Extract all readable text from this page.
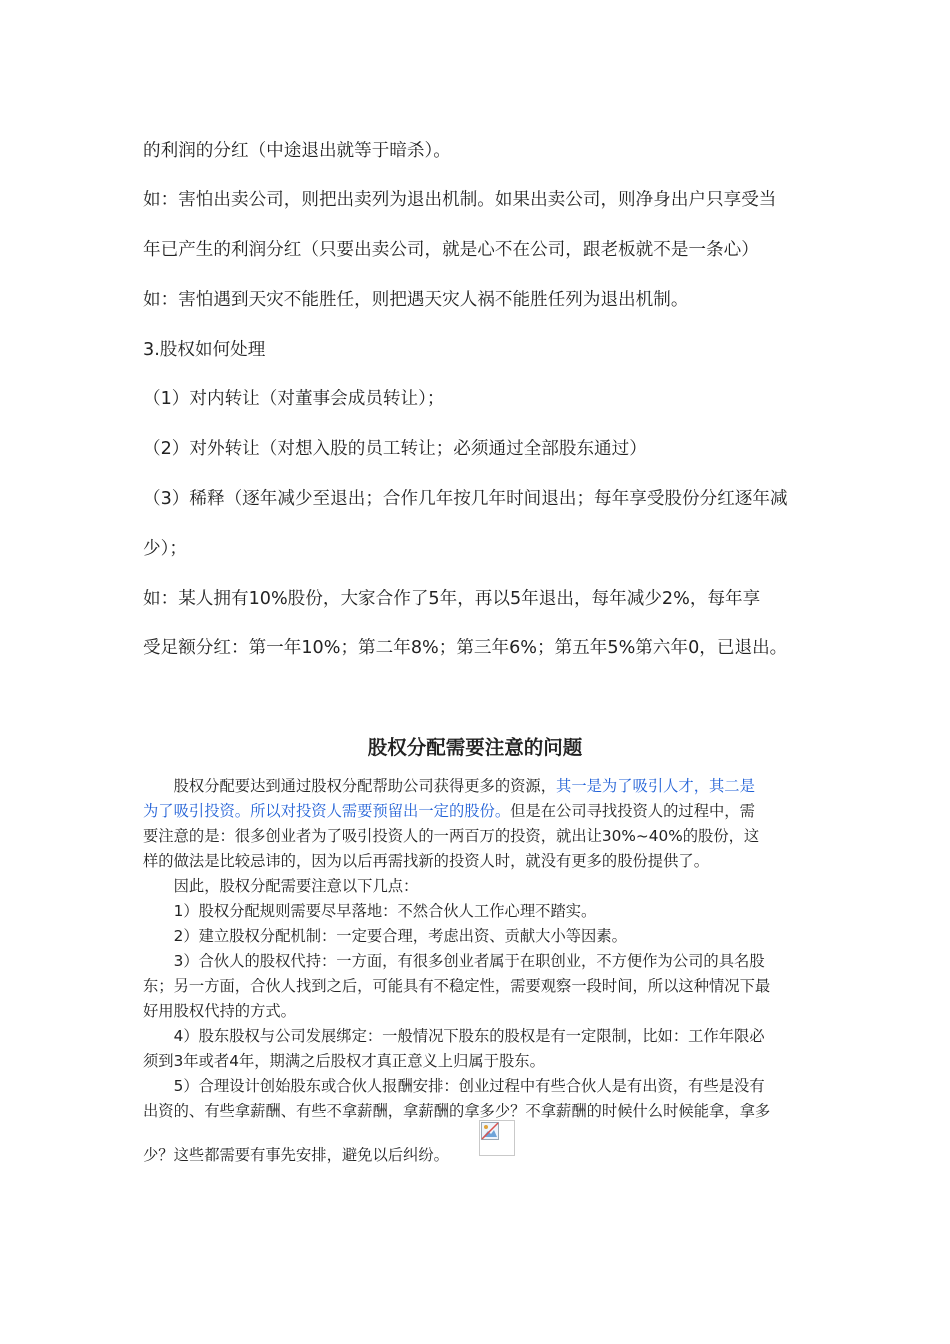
的利润的分红（中途退出就等于暗杀）。

如：害怕出卖公司，则把出卖列为退出机制。如果出卖公司，则净身出户只享受当

年已产生的利润分红（只要出卖公司，就是心不在公司，跟老板就不是一条心）

如：害怕遇到天灾不能胜任，则把遇天灾人祸不能胜任列为退出机制。

3.股权如何处理

（1）对内转让（对董事会成员转让）；

（2）对外转让（对想入股的员工转让；必须通过全部股东通过）

（3）稀释（逐年减少至退出；合作几年按几年时间退出；每年享受股份分红逐年减

少）；

如：某人拥有10%股份，大家合作了5年，再以5年退出，每年减少2%，每年享

受足额分红：第一年10%；第二年8%；第三年6%；第五年5%第六年0，已退出。

股权分配需要注意的问题

　　股权分配要达到通过股权分配帮助公司获得更多的资源，其一是为了吸引人才，其二是

为了吸引投资。所以对投资人需要预留出一定的股份。但是在公司寻找投资人的过程中，需

要注意的是：很多创业者为了吸引投资人的一两百万的投资，就出让30%~40%的股份，这

样的做法是比较忌讳的，因为以后再需找新的投资人时，就没有更多的股份提供了。

　　因此，股权分配需要注意以下几点：

　　1）股权分配规则需要尽早落地：不然合伙人工作心理不踏实。

　　2）建立股权分配机制：一定要合理，考虑出资、贡献大小等因素。

　　3）合伙人的股权代持：一方面，有很多创业者属于在职创业，不方便作为公司的具名股

东；另一方面，合伙人找到之后，可能具有不稳定性，需要观察一段时间，所以这种情况下最

好用股权代持的方式。

　　4）股东股权与公司发展绑定：一般情况下股东的股权是有一定限制，比如：工作年限必

须到3年或者4年，期满之后股权才真正意义上归属于股东。

　　5）合理设计创始股东或合伙人报酬安排：创业过程中有些合伙人是有出资，有些是没有

出资的、有些拿薪酬、有些不拿薪酬，拿薪酬的拿多少？不拿薪酬的时候什么时候能拿，拿多

少？这些都需要有事先安排，避免以后纠纷。
